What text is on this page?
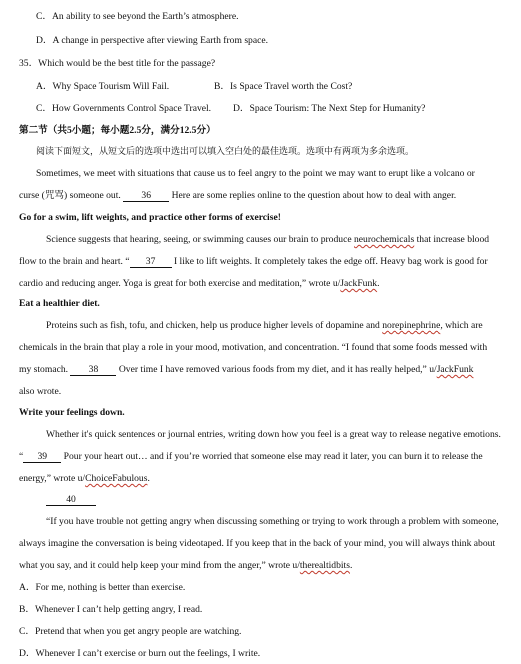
C．An ability to see beyond the Earth’s atmosphere.
D．A change in perspective after viewing Earth from space.
35．Which would be the best title for the passage?
A．Why Space Tourism Will Fail.	B．Is Space Travel worth the Cost?
C．How Governments Control Space Travel. D．Space Tourism: The Next Step for Humanity?
第二节（共5小题；每小题2.5分，满分12.5分）
阅读下面短文，从短文后的选项中选出可以填入空白处的最佳选项。选项中有两项为多余选项。
Sometimes, we meet with situations that cause us to feel angry to the point we may want to erupt like a volcano or
curse (咒骂) someone out. 36 Here are some replies online to the question about how to deal with anger.
Go for a swim, lift weights, and practice other forms of exercise!
Science suggests that hearing, seeing, or swimming causes our brain to produce neurochemicals that increase blood
flow to the brain and heart. “ 37 I like to lift weights. It completely takes the edge off. Heavy bag work is good for
cardio and reducing anger. Yoga is great for both exercise and meditation,” wrote u/JackFunk.
Eat a healthier diet.
Proteins such as fish, tofu, and chicken, help us produce higher levels of dopamine and norepinephrine, which are
chemicals in the brain that play a role in your mood, motivation, and concentration. “I found that some foods messed with
my stomach. 38 Over time I have removed various foods from my diet, and it has really helped,” u/JackFunk
also wrote.
Write your feelings down.
Whether it's quick sentences or journal entries, writing down how you feel is a great way to release negative emotions.
“ 39 Pour your heart out… and if you’re worried that someone else may read it later, you can burn it to release the
energy,” wrote u/ChoiceFabulous.
40
“If you have trouble not getting angry when discussing something or trying to work through a problem with someone,
always imagine the conversation is being videotaped. If you keep that in the back of your mind, you will always think about
what you say, and it could help keep your mind from the anger,” wrote u/therealtidbits.
A．For me, nothing is better than exercise.
B．Whenever I can’t help getting angry, I read.
C．Pretend that when you get angry people are watching.
D．Whenever I can’t exercise or burn out the feelings, I write.
